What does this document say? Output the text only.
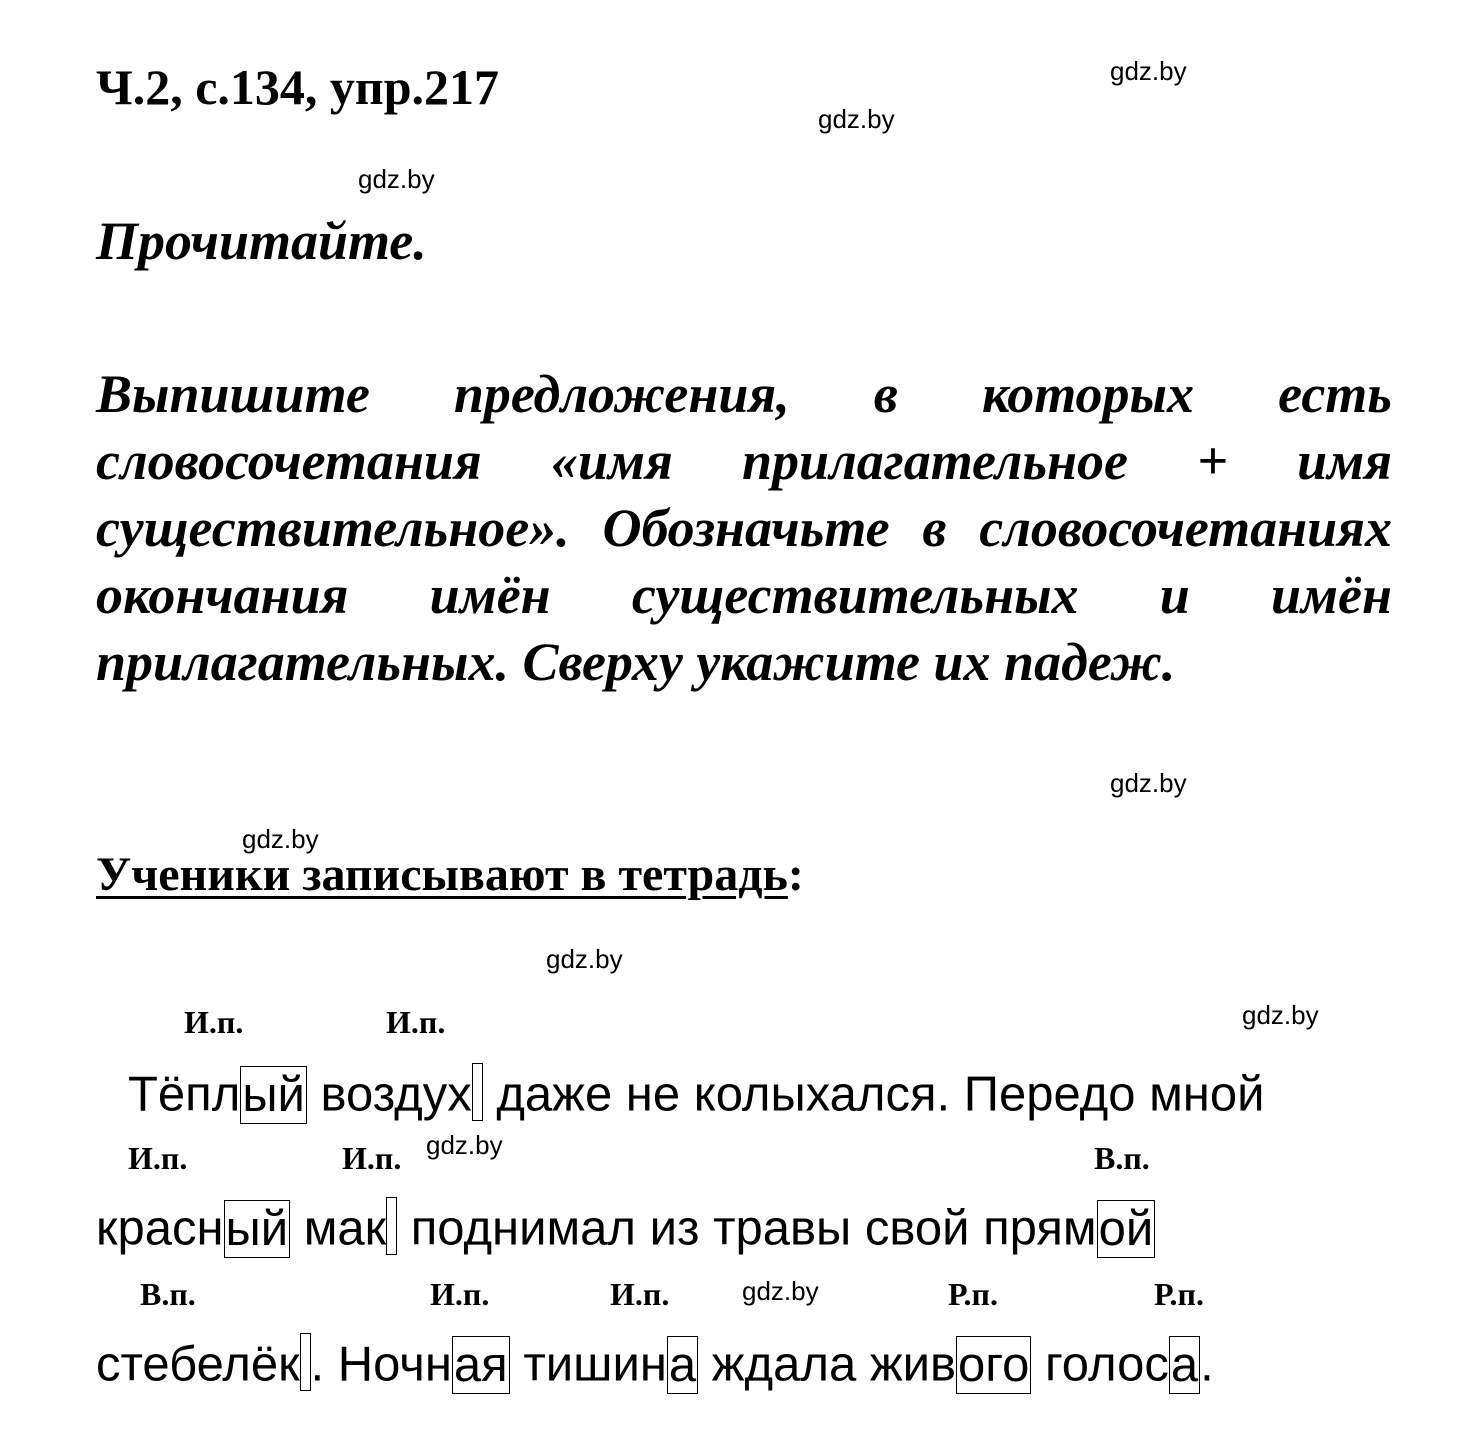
gdz.by
gdz.by
gdz.by
gdz.by
gdz.by
gdz.by
gdz.by
gdz.by
gdz.by
Ч.2, с.134, упр.217
Прочитайте.

Выпишите предложения, в которых есть словосочетания «имя прилагательное + имя существительное». Обозначьте в словосочетаниях окончания имён существительных и имён прилагательных. Сверху укажите их падеж.

Ученики записывают в тетрадь:
И.п.	И.п.
Тёплый воздух даже не колыхался. Передо мной
И.п.	И.п.	В.п.
красный мак поднимал из травы свой прямой
В.п.	И.п.	И.п.	Р.п.	Р.п.
стебелёк . Ночная тишина ждала живого голоса.
